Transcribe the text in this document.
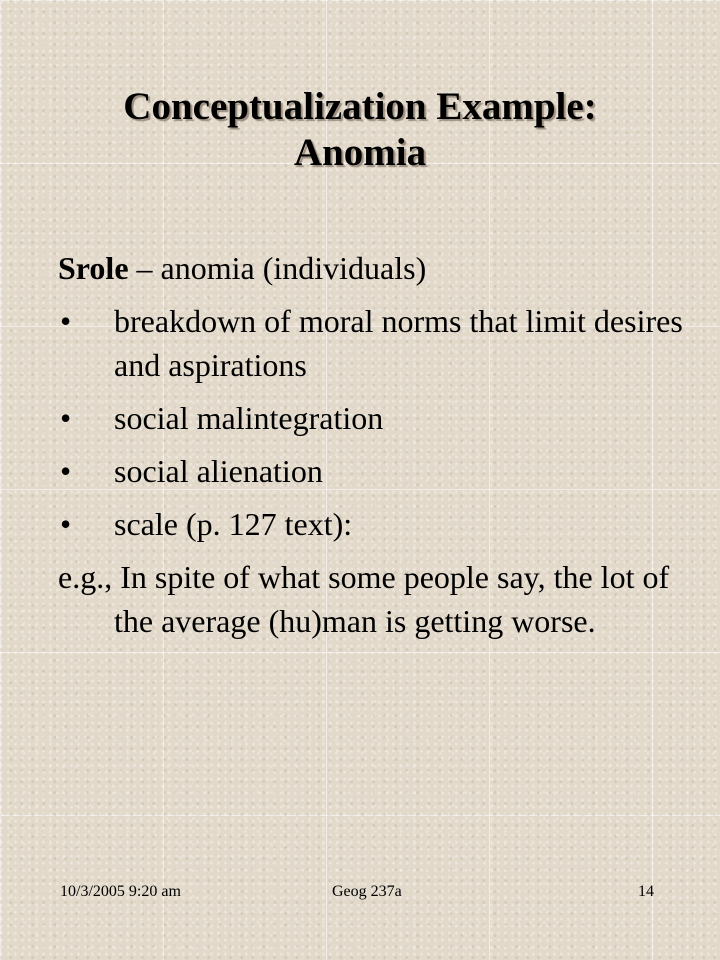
Conceptualization Example:
Anomia
Srole – anomia (individuals)
• breakdown of moral norms that limit desires and aspirations
• social malintegration
• social alienation
• scale (p. 127 text):
e.g., In spite of what some people say, the lot of the average (hu)man is getting worse.
10/3/2005 9:20 am	Geog 237a	14
